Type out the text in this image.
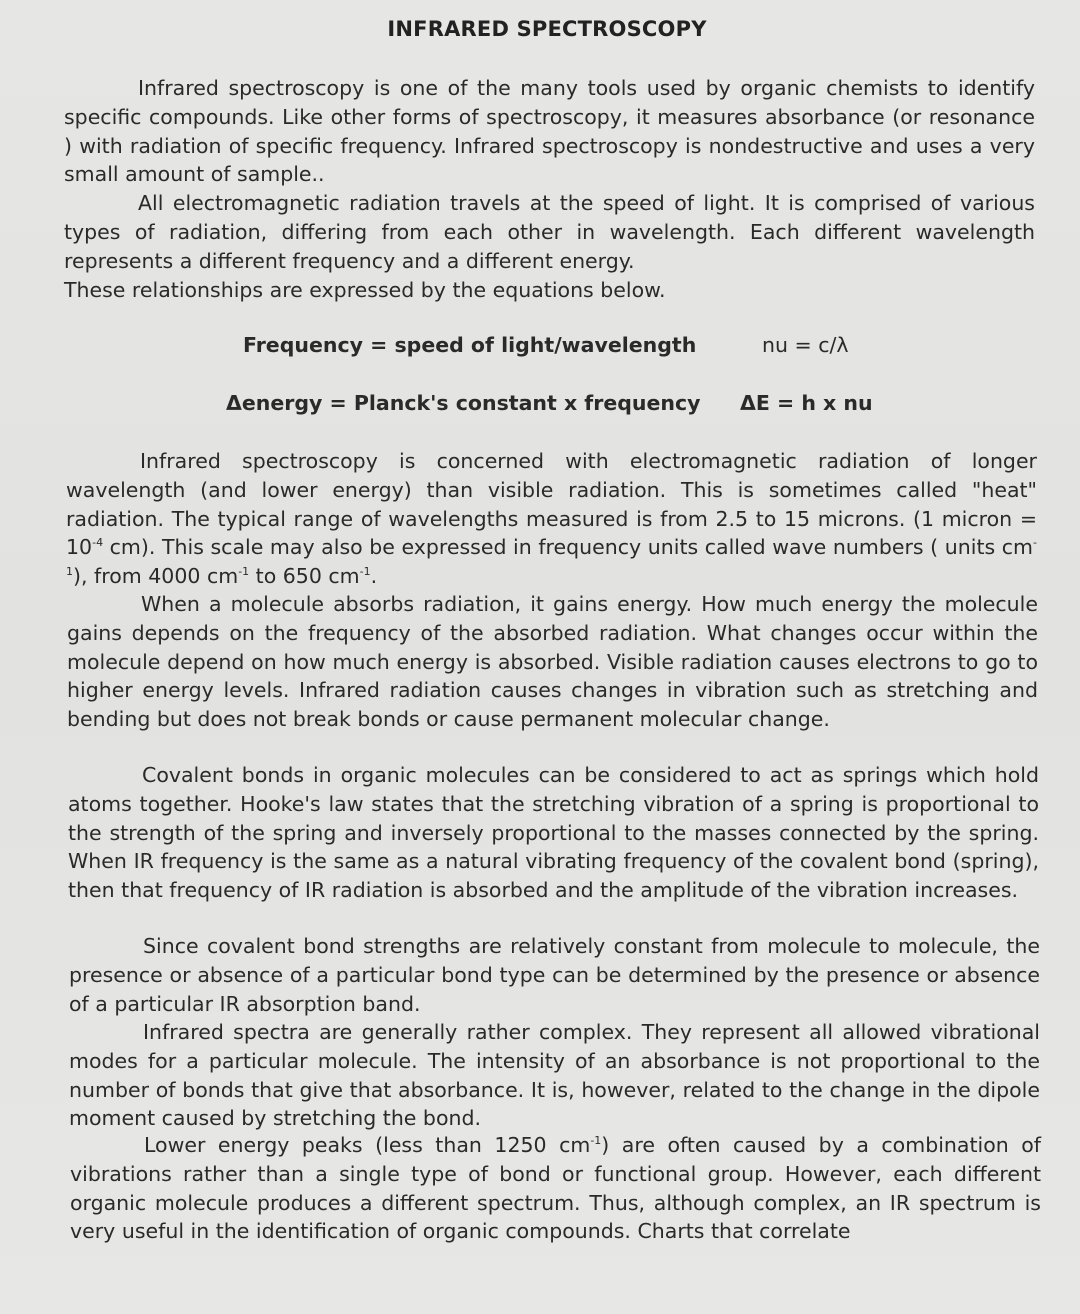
INFRARED SPECTROSCOPY

Infrared spectroscopy is one of the many tools used by organic chemists to identify specific compounds. Like other forms of spectroscopy, it measures absorbance (or resonance ) with radiation of specific frequency. Infrared spectroscopy is nondestructive and uses a very small amount of sample..

All electromagnetic radiation travels at the speed of light. It is comprised of various types of radiation, differing from each other in wavelength. Each different wavelength represents a different frequency and a different energy.

These relationships are expressed by the equations below.

Frequency = speed of light/wavelength	nu = c/λ
Δenergy = Planck's constant x frequency ΔE = h x nu

Infrared spectroscopy is concerned with electromagnetic radiation of longer wavelength (and lower energy) than visible radiation. This is sometimes called "heat" radiation. The typical range of wavelengths measured is from 2.5 to 15 microns. (1 micron = $10^{-4}$ cm). This scale may also be expressed in frequency units called wave numbers ( units $cm^{-1}$), from 4000 $cm^{-1}$ to 650 $cm^{-1}$.

When a molecule absorbs radiation, it gains energy. How much energy the molecule gains depends on the frequency of the absorbed radiation. What changes occur within the molecule depend on how much energy is absorbed. Visible radiation causes electrons to go to higher energy levels. Infrared radiation causes changes in vibration such as stretching and bending but does not break bonds or cause permanent molecular change.

Covalent bonds in organic molecules can be considered to act as springs which hold atoms together. Hooke's law states that the stretching vibration of a spring is proportional to the strength of the spring and inversely proportional to the masses connected by the spring. When IR frequency is the same as a natural vibrating frequency of the covalent bond (spring), then that frequency of IR radiation is absorbed and the amplitude of the vibration increases.

Since covalent bond strengths are relatively constant from molecule to molecule, the presence or absence of a particular bond type can be determined by the presence or absence of a particular IR absorption band.

Infrared spectra are generally rather complex. They represent all allowed vibrational modes for a particular molecule. The intensity of an absorbance is not proportional to the number of bonds that give that absorbance. It is, however, related to the change in the dipole moment caused by stretching the bond.

Lower energy peaks (less than 1250 $cm^{-1}$) are often caused by a combination of vibrations rather than a single type of bond or functional group. However, each different organic molecule produces a different spectrum. Thus, although complex, an IR spectrum is very useful in the identification of organic compounds. Charts that correlate
